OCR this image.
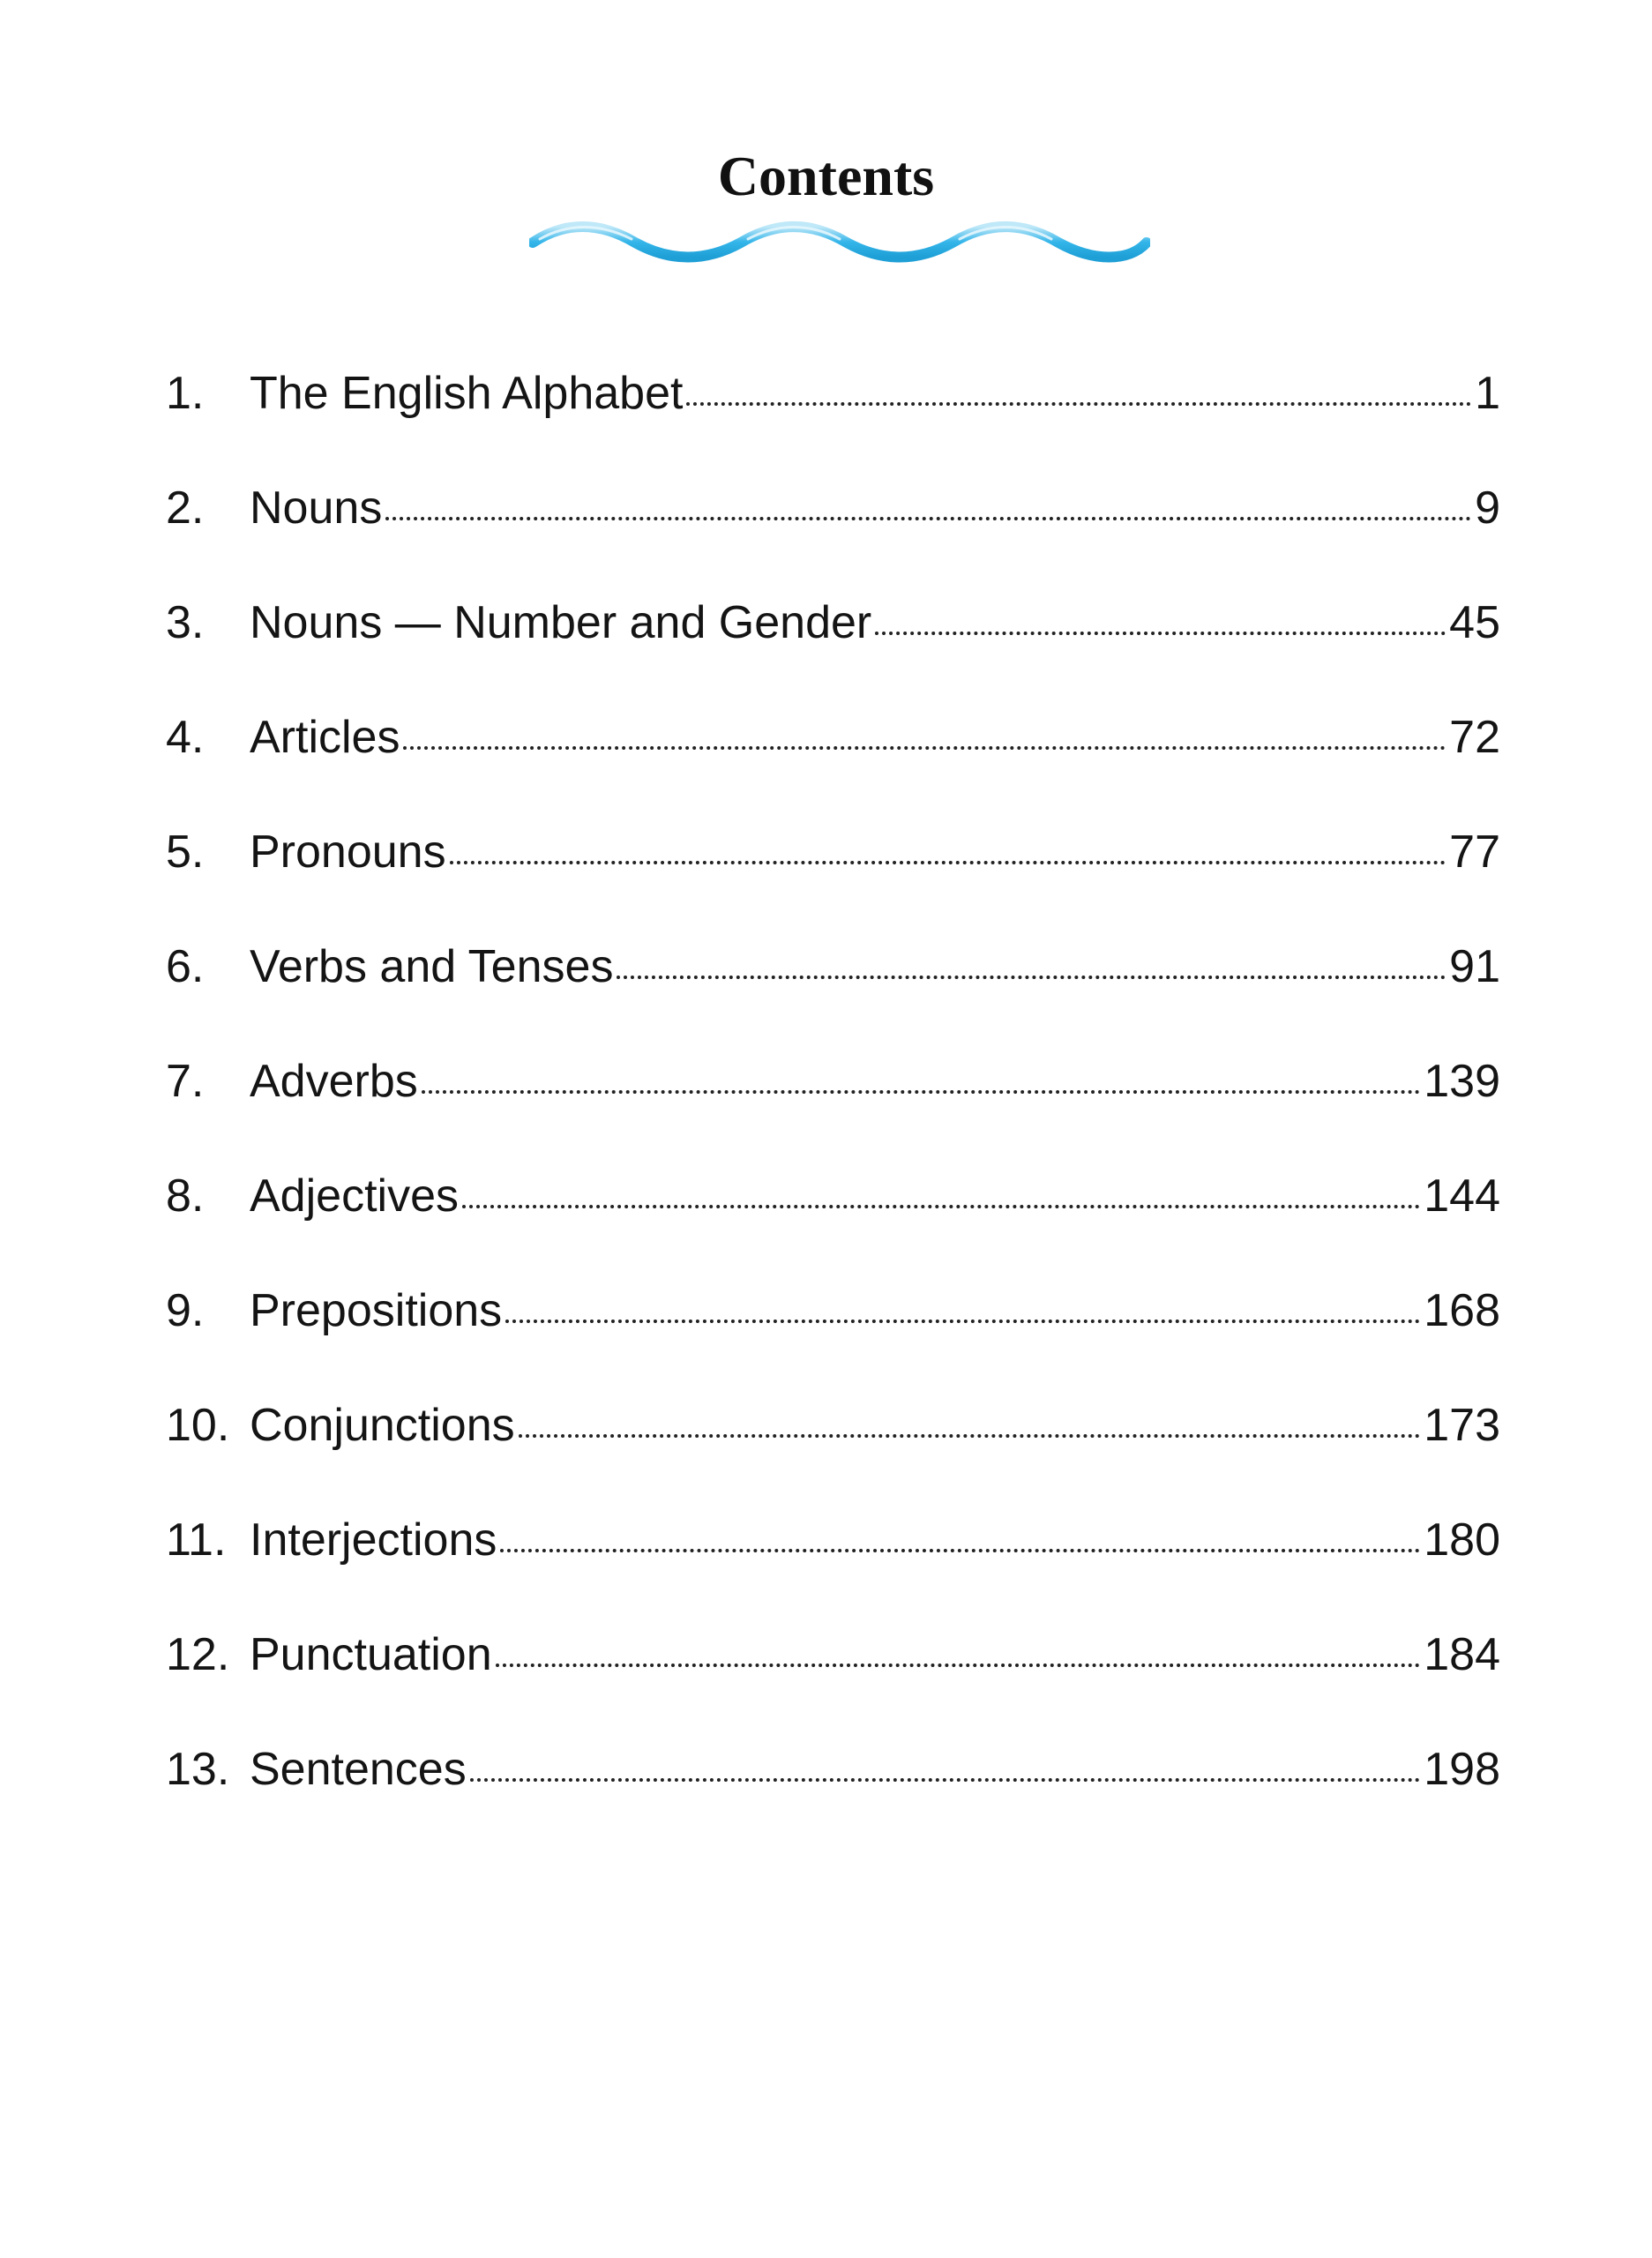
Contents
1. The English Alphabet	1
2. Nouns	9
3. Nouns — Number and Gender	45
4. Articles	72
5. Pronouns	77
6. Verbs and Tenses	91
7. Adverbs	139
8. Adjectives	144
9. Prepositions	168
10. Conjunctions	173
11. Interjections	180
12. Punctuation	184
13. Sentences	198
